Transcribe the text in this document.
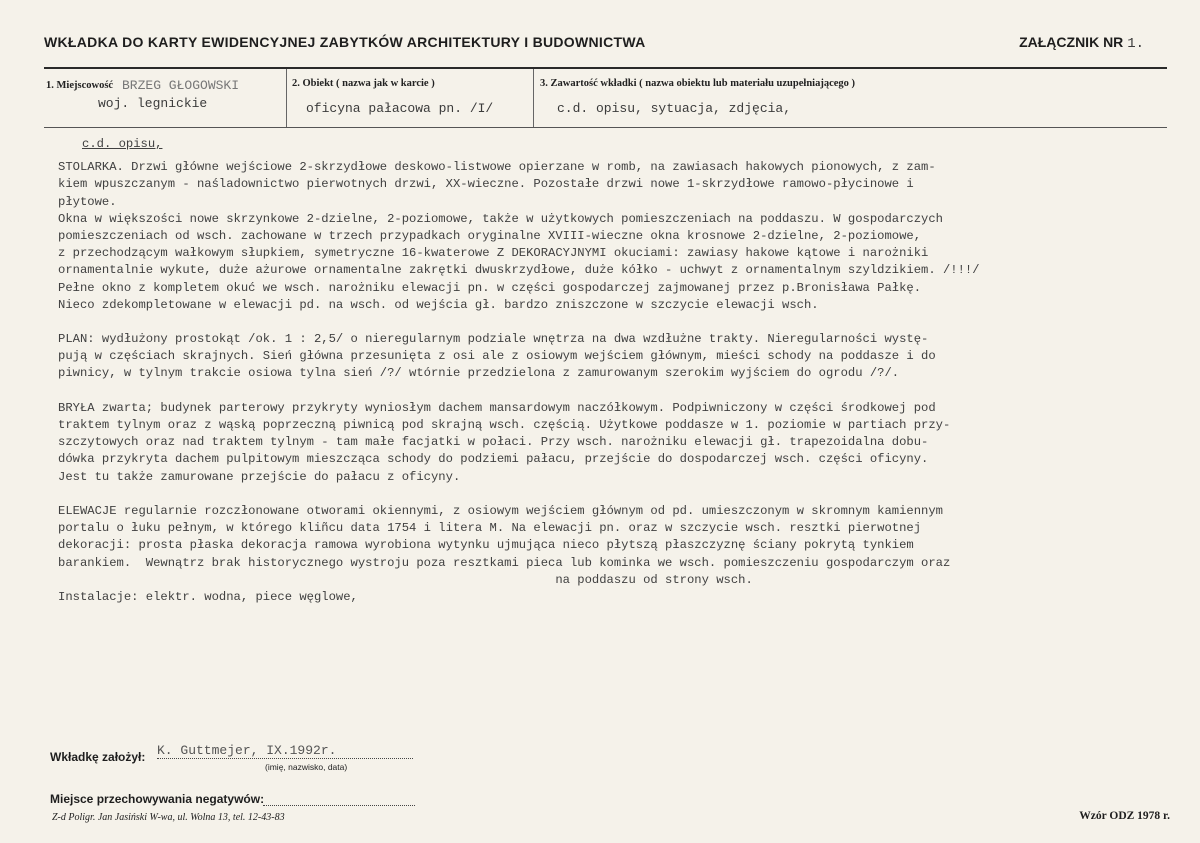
WKŁADKA DO KARTY EWIDENCYJNEJ ZABYTKÓW ARCHITEKTURY I BUDOWNICTWA	ZAŁĄCZNIK NR 1.
1. Miejscowość BRZEG GŁOGOWSKI
woj. legnickie
2. Obiekt ( nazwa jak w karcie )
oficyna pałacowa pn. /I/
3. Zawartość wkładki ( nazwa obiektu lub materiału uzupełniającego )
c.d. opisu, sytuacja, zdjęcia,
c.d. opisu,
STOLARKA. Drzwi główne wejściowe 2-skrzydłowe deskowo-listwowe opierzane w romb, na zawiasach hakowych pionowych, z zam-
kiem wpuszczanym - naśladownictwo pierwotnych drzwi, XX-wieczne. Pozostałe drzwi nowe 1-skrzydłowe ramowo-płycinowe i
płytowe.
Okna w większości nowe skrzynkowe 2-dzielne, 2-poziomowe, także w użytkowych pomieszczeniach na poddaszu. W gospodarczych
pomieszczeniach od wsch. zachowane w trzech przypadkach oryginalne XVIII-wieczne okna krosnowe 2-dzielne, 2-poziomowe,
z przechodzącym wałkowym słupkiem, symetryczne 16-kwaterowe Z DEKORACYJNYMI okuciami: zawiasy hakowe kątowe i narożniki
ornamentalnie wykute, duże ażurowe ornamentalne zakrętki dwuskrzydłowe, duże kółko - uchwyt z ornamentalnym szyldzikiem. /!!!/
Pełne okno z kompletem okuć we wsch. narożniku elewacji pn. w części gospodarczej zajmowanej przez p.Bronisława Pałkę.
Nieco zdekompletowane w elewacji pd. na wsch. od wejścia gł. bardzo zniszczone w szczycie elewacji wsch.
PLAN: wydłużony prostokąt /ok. 1 : 2,5/ o nieregularnym podziale wnętrza na dwa wzdłużne trakty. Nieregularności wystę-
pują w częściach skrajnych. Sień główna przesunięta z osi ale z osiowym wejściem głównym, mieści schody na poddasze i do
piwnicy, w tylnym trakcie osiowa tylna sień /?/ wtórnie przedzielona z zamurowanym szerokim wyjściem do ogrodu /?/.
BRYŁA zwarta; budynek parterowy przykryty wyniosłym dachem mansardowym naczółkowym. Podpiwniczony w części środkowej pod
traktem tylnym oraz z wąską poprzeczną piwnicą pod skrajną wsch. częścią. Użytkowe poddasze w 1. poziomie w partiach przy-
szczytowych oraz nad traktem tylnym - tam małe facjatki w połaci. Przy wsch. narożniku elewacji gł. trapezoidalna dobu-
dówka przykryta dachem pulpitowym mieszcząca schody do podziemi pałacu, przejście do dospodarczej wsch. części oficyny.
Jest tu także zamurowane przejście do pałacu z oficyny.
ELEWACJE regularnie rozczłonowane otworami okiennymi, z osiowym wejściem głównym od pd. umieszczonym w skromnym kamiennym
portalu o łuku pełnym, w którego kliñcu data 1754 i litera M. Na elewacji pn. oraz w szczycie wsch. resztki pierwotnej
dekoracji: prosta płaska dekoracja ramowa wyrobiona wytynku ujmująca nieco płytszą płaszczyznę ściany pokrytą tynkiem
barankiem.  Wewnątrz brak historycznego wystroju poza resztkami pieca lub kominka we wsch. pomieszczeniu gospodarczym oraz
na poddaszu od strony wsch.
Instalacje: elektr. wodna, piece węglowe,
Wkładkę założył: K. Guttmejer, IX.1992r.
(imię, nazwisko, data)
Miejsce przechowywania negatywów:
Z-d Poligr. Jan Jasiński W-wa, ul. Wolna 13, tel. 12-43-83	Wzór ODZ 1978 r.
